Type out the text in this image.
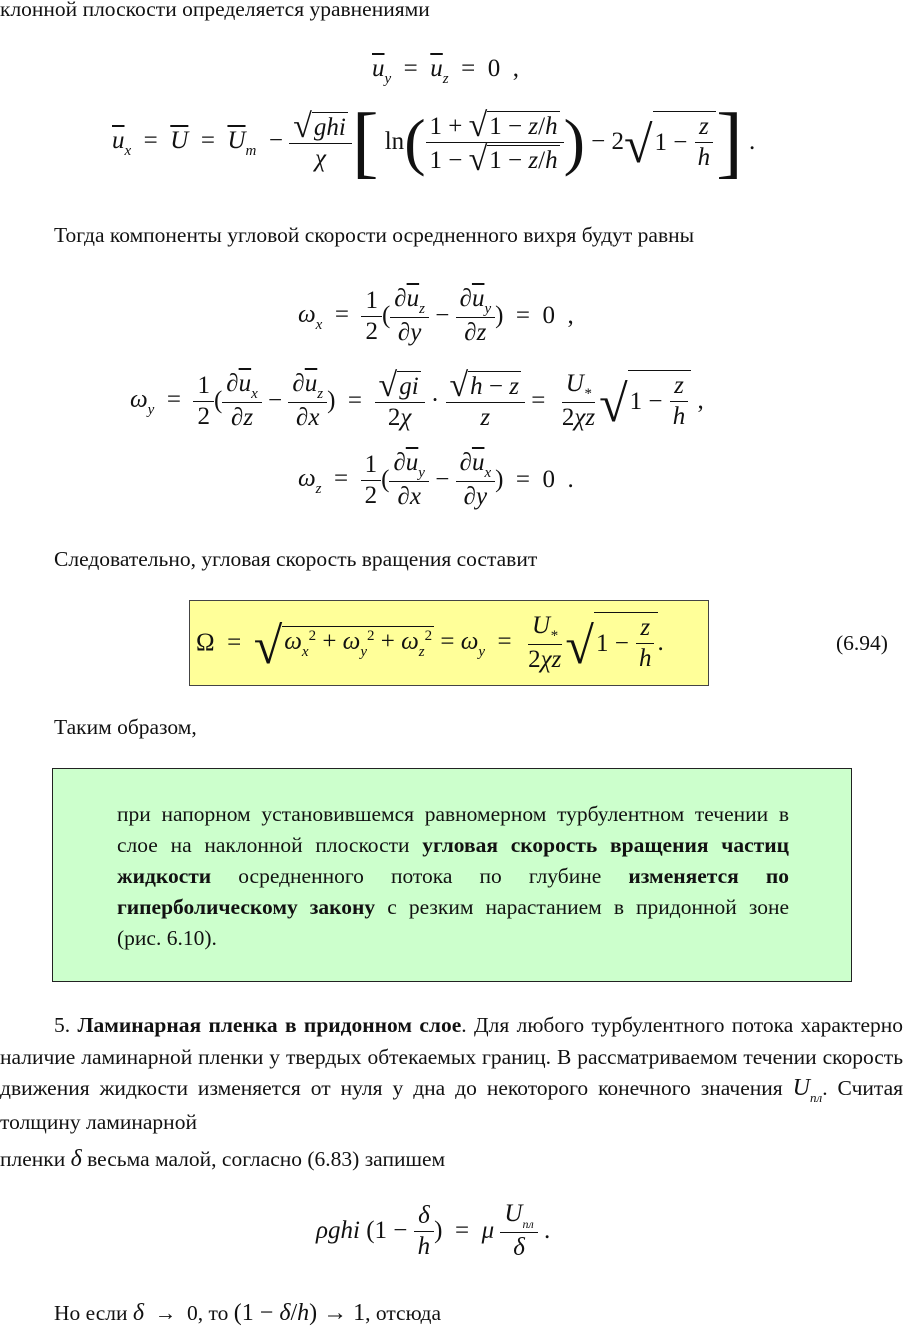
клонной плоскости определяется уравнениями
$\overline{u}_y = \overline{u}_z = 0$  ,
$\overline{u}_x = \overline{U} = \overline{U}_m - \frac{\text{√ghi}}{\chi}$ [ ln ( $\frac{1 + √1 - z/h}{1 - √1 - z/h}$ ) − 2 √ $1 - \frac{z}{h}$ ] .
Тогда компоненты угловой скорости осредненного вихря будут равны
$\omega_x = \frac{1}{2}$ ( $\frac{\partial\overline{u}_z}{\partial y} - \frac{\partial\overline{u}_y}{\partial z}$ )  =  0  ,
$\omega_y = \frac{1}{2}$ ( $\frac{\partial\overline{u}_x}{\partial z} - \frac{\partial\overline{u}_z}{\partial x}$ )  = $\frac{√gi}{2\chi} \cdot \frac{√h - z}{z} = \frac{U_*}{2\chi z}$ √ $1 - \frac{z}{h}$ ,
$\omega_z = \frac{1}{2}$ ( $\frac{\partial\overline{u}_y}{\partial x} - \frac{\partial\overline{u}_x}{\partial y}$ )  =  0  .
Следовательно, угловая скорость вращения составит
Ω  = √ $\omega_x^2 + \omega_y^2 + \omega_z^2 = \omega_y = \frac{U_*}{2\chi z}$ √ $1 - \frac{z}{h}$ .	(6.94)
Таким образом,
при напорном установившемся равномерном турбулентном течении в слое на наклонной плоскости угловая скорость вращения частиц жидкости осредненного потока по глубине изменяется по гиперболическому закону с резким нарастанием в придонной зоне (рис. 6.10).
5. Ламинарная пленка в придонном слое. Для любого турбулентного потока характерно наличие ламинарной пленки у твердых обтекаемых границ. В рассматриваемом течении скорость движения жидкости изменяется от нуля у дна до некоторого конечного значения $U_{пл}$. Считая толщину ламинарной
пленки δ весьма малой, согласно (6.83) запишем
ρghi ($1 - \frac{\delta}{h}$ )  =  μ $\frac{U_{пл}}{\delta}$ .
Но если δ  →  0, то (1 − δ/h) → 1, отсюда
